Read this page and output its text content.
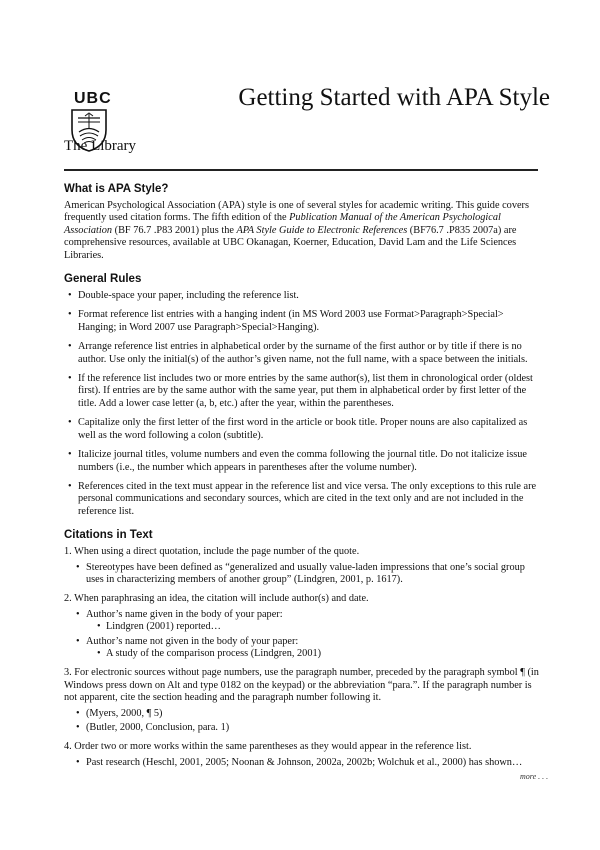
UBC
The Library
Getting Started with APA Style
What is APA Style?

American Psychological Association (APA) style is one of several styles for academic writing. This guide covers frequently used citation forms. The fifth edition of the Publication Manual of the American Psychological Association (BF 76.7 .P83 2001) plus the APA Style Guide to Electronic References (BF76.7 .P835 2007a) are comprehensive resources, available at UBC Okanagan, Koerner, Education, David Lam and the Life Sciences Libraries.

General Rules
• Double-space your paper, including the reference list.
• Format reference list entries with a hanging indent (in MS Word 2003 use Format>Paragraph>Special> Hanging; in Word 2007 use Paragraph>Special>Hanging).
• Arrange reference list entries in alphabetical order by the surname of the first author or by title if there is no author. Use only the initial(s) of the author’s given name, not the full name, with a space between the initials.
• If the reference list includes two or more entries by the same author(s), list them in chronological order (oldest first). If entries are by the same author with the same year, put them in alphabetical order by first letter of the title. Add a lower case letter (a, b, etc.) after the year, within the parentheses.
• Capitalize only the first letter of the first word in the article or book title. Proper nouns are also capitalized as well as the word following a colon (subtitle).
• Italicize journal titles, volume numbers and even the comma following the journal title. Do not italicize issue numbers (i.e., the number which appears in parentheses after the volume number).
• References cited in the text must appear in the reference list and vice versa. The only exceptions to this rule are personal communications and secondary sources, which are cited in the text only and are not included in the reference list.
Citations in Text

1. When using a direct quotation, include the page number of the quote.

• Stereotypes have been defined as “generalized and usually value-laden impressions that one’s social group uses in characterizing members of another group” (Lindgren, 2001, p. 1617).

2. When paraphrasing an idea, the citation will include author(s) and date.

• Author’s name given in the body of your paper:
• Lindgren (2001) reported…
• Author’s name not given in the body of your paper:
• A study of the comparison process (Lindgren, 2001)

3. For electronic sources without page numbers, use the paragraph number, preceded by the paragraph symbol ¶ (in Windows press down on Alt and type 0182 on the keypad) or the abbreviation “para.”. If the paragraph number is not apparent, cite the section heading and the paragraph number following it.

• (Myers, 2000, ¶ 5)
• (Butler, 2000, Conclusion, para. 1)

4. Order two or more works within the same parentheses as they would appear in the reference list.

• Past research (Heschl, 2001, 2005; Noonan & Johnson, 2002a, 2002b; Wolchuk et al., 2000) has shown…
more . . .
